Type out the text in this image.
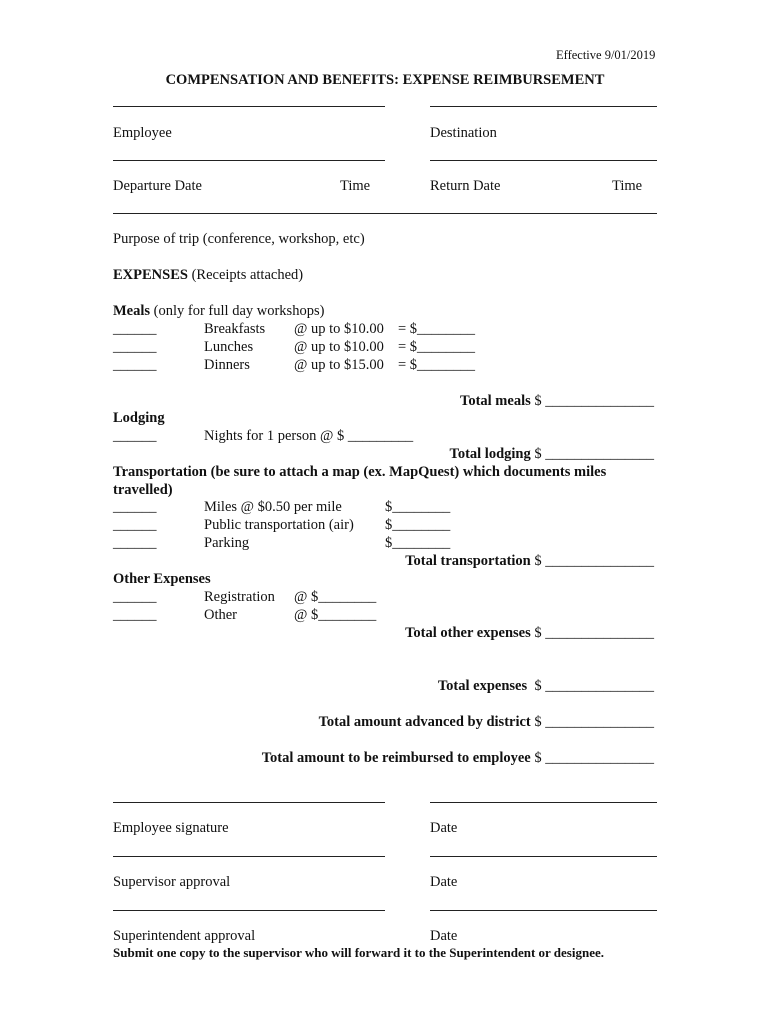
Effective 9/01/2019
COMPENSATION AND BENEFITS: EXPENSE REIMBURSEMENT
Employee	Destination
Departure Date	Time	Return Date	Time
Purpose of trip (conference, workshop, etc)
EXPENSES (Receipts attached)
Meals (only for full day workshops)
______	Breakfasts @ up to $10.00 = $________
______	Lunches	@ up to $10.00 = $________
______	Dinners	@ up to $15.00 = $________
Total meals $ _______________
Lodging
______	Nights for 1 person @ $ _________
Total lodging $ _______________
Transportation (be sure to attach a map (ex. MapQuest) which documents miles
travelled)
______	Miles @ $0.50 per mile	$________
______	Public transportation (air) $________
______	Parking	$________
Total transportation $ _______________
Other Expenses
______	Registration @ $________
______	Other	@ $________
Total other expenses $ _______________
Total expenses  $ _______________
Total amount advanced by district $ _______________
Total amount to be reimbursed to employee $ _______________
Employee signature	Date
Supervisor approval	Date
Superintendent approval	Date
Submit one copy to the supervisor who will forward it to the Superintendent or designee.
